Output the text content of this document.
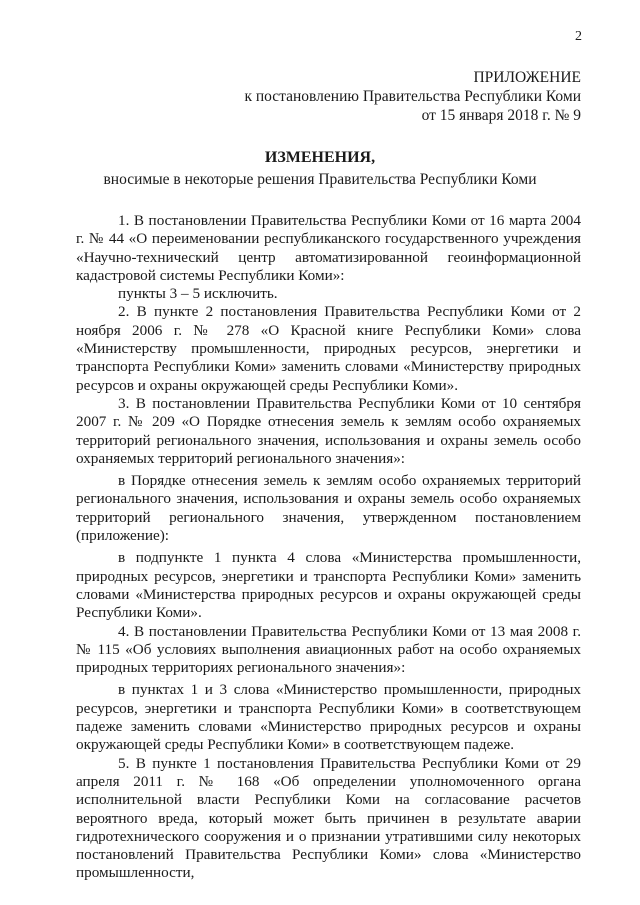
2
ПРИЛОЖЕНИЕ
к постановлению Правительства Республики Коми
от 15 января 2018 г. № 9
ИЗМЕНЕНИЯ,
вносимые в некоторые решения Правительства Республики Коми

1. В постановлении Правительства Республики Коми от 16 марта 2004 г. № 44 «О переименовании республиканского государственного учреждения «Научно-технический центр автоматизированной геоинформационной кадастровой системы Республики Коми»:

пункты 3 – 5 исключить.

2. В пункте 2 постановления Правительства Республики Коми от 2 ноября 2006 г. № 278 «О Красной книге Республики Коми» слова «Министерству промышленности, природных ресурсов, энергетики и транспорта Республики Коми» заменить словами «Министерству природных ресурсов и охраны окружающей среды Республики Коми».

3. В постановлении Правительства Республики Коми от 10 сентября 2007 г. № 209 «О Порядке отнесения земель к землям особо охраняемых территорий регионального значения, использования и охраны земель особо охраняемых территорий регионального значения»:

в Порядке отнесения земель к землям особо охраняемых территорий регионального значения, использования и охраны земель особо охраняемых территорий регионального значения, утвержденном постановлением (приложение):

в подпункте 1 пункта 4 слова «Министерства промышленности, природных ресурсов, энергетики и транспорта Республики Коми» заменить словами «Министерства природных ресурсов и охраны окружающей среды Республики Коми».

4. В постановлении Правительства Республики Коми от 13 мая 2008 г. № 115 «Об условиях выполнения авиационных работ на особо охраняемых природных территориях регионального значения»:

в пунктах 1 и 3 слова «Министерство промышленности, природных ресурсов, энергетики и транспорта Республики Коми» в соответствующем падеже заменить словами «Министерство природных ресурсов и охраны окружающей среды Республики Коми» в соответствующем падеже.

5. В пункте 1 постановления Правительства Республики Коми от 29 апреля 2011 г. № 168 «Об определении уполномоченного органа исполнительной власти Республики Коми на согласование расчетов вероятного вреда, который может быть причинен в результате аварии гидротехнического сооружения и о признании утратившими силу некоторых постановлений Правительства Республики Коми» слова «Министерство промышленности,
